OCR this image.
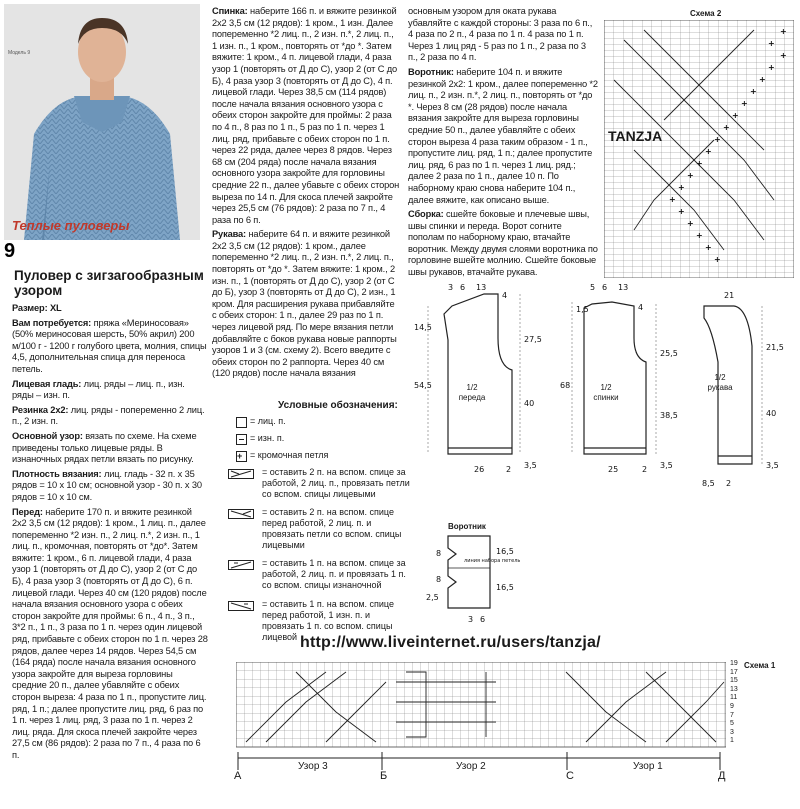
Модель 9
Теплые пуловеры
9
Пуловер с зигзагообразным узором

Размер: XL

Вам потребуется: пряжа «Мериносовая» (50% мериносовая шерсть, 50% акрил) 200 м/100 г - 1200 г голубого цвета, молния, спицы 4,5, дополнительная спица для переноса петель.

Лицевая гладь: лиц. ряды – лиц. п., изн. ряды – изн. п.

Резинка 2х2: лиц. ряды - попеременно 2 лиц. п., 2 изн. п.

Основной узор: вязать по схеме. На схеме приведены только лицевые ряды. В изнаночных рядах петли вязать по рисунку.

Плотность вязания: лиц. гладь - 32 п. х 35 рядов = 10 х 10 см; основной узор - 30 п. х 30 рядов = 10 х 10 см.

Перед: наберите 170 п. и вяжите резинкой 2х2 3,5 см (12 рядов): 1 кром., 1 лиц. п., далее попеременно *2 изн. п., 2 лиц. п.*, 2 изн. п., 1 лиц. п., кромочная, повторять от *до*. Затем вяжите: 1 кром., 6 п. лицевой глади, 4 раза узор 1 (повторять от Д до С), узор 2 (от С до Б), 4 раза узор 3 (повторять от Д до С), 6 п. лицевой глади. Через 40 см (120 рядов) после начала вязания основного узора с обеих сторон закройте для проймы: 6 п., 4 п., 3 п., 3*2 п., 1 п., 3 раза по 1 п. через один лицевой ряд, прибавьте с обеих сторон по 1 п. через 28 рядов, далее через 14 рядов. Через 54,5 см (164 ряда) после начала вязания основного узора закройте для выреза горловины средние 20 п., далее убавляйте с обеих сторон выреза: 4 раза по 1 п., пропустите лиц. ряд, 1 п.; далее пропустите лиц. ряд, 6 раз по 1 п. через 1 лиц. ряд, 3 раза по 1 п. через 2 лиц. ряда. Для скоса плечей закройте через 27,5 см (86 рядов): 2 раза по 7 п., 4 раза по 6 п.

Спинка: наберите 166 п. и вяжите резинкой 2х2 3,5 см (12 рядов): 1 кром., 1 изн. Далее попеременно *2 лиц. п., 2 изн. п.*, 2 лиц. п., 1 изн. п., 1 кром., повторять от *до *. Затем вяжите: 1 кром., 4 п. лицевой глади, 4 раза узор 1 (повторять от Д до С), узор 2 (от С до Б), 4 раза узор 3 (повторять от Д до С), 4 п. лицевой глади. Через 38,5 см (114 рядов) после начала вязания основного узора с обеих сторон закройте для проймы: 2 раза по 4 п., 8 раз по 1 п., 5 раз по 1 п. через 1 лиц. ряд, прибавьте с обеих сторон по 1 п. через 22 ряда, далее через 8 рядов. Через 68 см (204 ряда) после начала вязания основного узора закройте для горловины средние 22 п., далее убавьте с обеих сторон выреза по 14 п. Для скоса плечей закройте через 25,5 см (76 рядов): 2 раза по 7 п., 4 раза по 6 п.

Рукава: наберите 64 п. и вяжите резинкой 2х2 3,5 см (12 рядов): 1 кром., далее попеременно *2 лиц. п., 2 изн. п.*, 2 лиц. п., повторять от *до *. Затем вяжите: 1 кром., 2 изн. п., 1 (повторять от Д до С), узор 2 (от С до Б), узор 3 (повторять от Д до С), 2 изн., 1 кром. Для расширения рукава прибавляйте с обеих сторон: 1 п., далее 29 раз по 1 п. через лицевой ряд. По мере вязания петли добавляйте с боков рукава новые раппорты узоров 1 и 3 (см. схему 2). Всего введите с обеих сторон по 2 раппорта. Через 40 см (120 рядов) после начала вязания

основным узором для оката рукава убавляйте с каждой стороны: 3 раза по 6 п., 4 раза по 2 п., 4 раза по 1 п. 4 раза по 1 п. Через 1 лиц ряд - 5 раз по 1 п., 2 раза по 3 п., 2 раза по 4 п.

Воротник: наберите 104 п. и вяжите резинкой 2х2: 1 кром., далее попеременно *2 лиц. п., 2 изн. п.*, 2 лиц. п., повторять от *до *. Через 8 см (28 рядов) после начала вязания закройте для выреза горловины средние 50 п., далее убавляйте с обеих сторон выреза 4 раза таким образом - 1 п., пропустите лиц. ряд, 1 п.; далее пропустите лиц. ряд, 6 раз по 1 п. через 1 лиц. ряд.; далее 2 раза по 1 п., далее 10 п. По наборному краю снова наберите 104 п., далее вяжите, как описано выше.

Сборка: сшейте боковые и плечевые швы, швы спинки и переда. Ворот согните пополам по наборному краю, втачайте воротник. Между двумя слоями воротника по горловине вшейте молнию. Сшейте боковые швы рукавов, втачайте рукава.

Условные обозначения:
= лиц. п.
= изн. п.
+ = кромочная петля
= оставить 2 п. на вспом. спице за работой, 2 лиц. п., провязать петли со вспом. спицы лицевыми
= оставить 2 п. на вспом. спице перед работой, 2 лиц. п. и провязать петли со вспом. спицы лицевыми
= оставить 1 п. на вспом. спице за работой, 2 лиц. п. и провязать 1 п. со вспом. спицы изнаночной
= оставить 1 п. на вспом. спице перед работой, 1 изн. п. и провязать 1 п. со вспом. спицы лицевой
Схема 2
+
+
+
+
+
+
+
+
+
+
+
+
+
+
+
+
+
+
+
+
TANZJA
3 6 13
4
14,5
27,5
54,5
40
3,5
26	2
5 6 13
1,5	4
25,5
68
38,5
3,5
25	2
21
21,5
40
3,5
8,5 2
1/2
переда
1/2
спинки
1/2
рукава
Воротник
линия набора петель
16,5
16,5
8
8
2,5
6
3
http://www.liveinternet.ru/users/tanzja/
Схема 1
19
17
15
13
11
9
7
5
3
1
А
Узор 3
Б
Узор 2
С
Узор 1
Д
